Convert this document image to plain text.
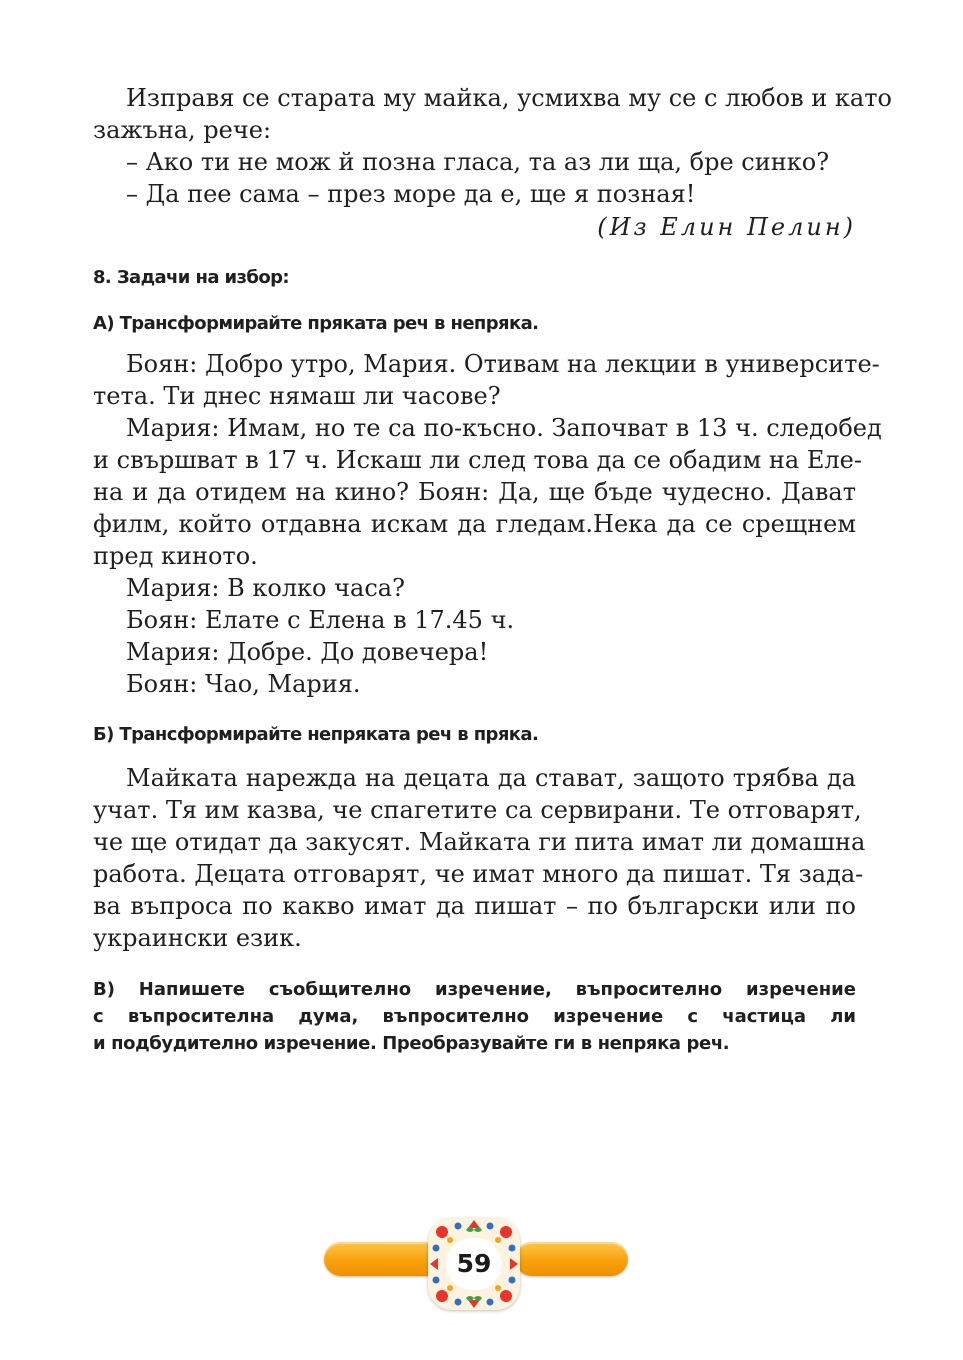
Изправя се старата му майка, усмихва му се с любов и като
зажъна, рече:
– Ако ти не мож й позна гласа, та аз ли ща, бре синко?
– Да пее сама – през море да е, ще я позная!
(Из Елин Пелин)
8. Задачи на избор:
А) Трансформирайте пряката реч в непряка.
Боян: Добро утро, Мария. Отивам на лекции в университе-
тета. Ти днес нямаш ли часове?
Мария: Имам, но те са по-късно. Започват в 13 ч. следобед
и свършват в 17 ч. Искаш ли след това да се обадим на Еле-
на и да отидем на кино? Боян: Да, ще бъде чудесно. Дават
филм, който отдавна искам да гледам.Нека да се срещнем
пред киното.
Мария: В колко часа?
Боян: Елате с Елена в 17.45 ч.
Мария: Добре. До довечера!
Боян: Чао, Мария.
Б) Трансформирайте непряката реч в пряка.
Майката нарежда на децата да стават, защото трябва да
учат. Тя им казва, че спагетите са сервирани. Те отговарят,
че ще отидат да закусят. Майката ги пита имат ли домашна
работа. Децата отговарят, че имат много да пишат. Тя зада-
ва въпроса по какво имат да пишат – по български или по
украински език.
В) Напишете съобщително изречение, въпросително изречение
с въпросителна дума, въпросително изречение с частица ли
и подбудително изречение. Преобразувайте ги в непряка реч.
59
